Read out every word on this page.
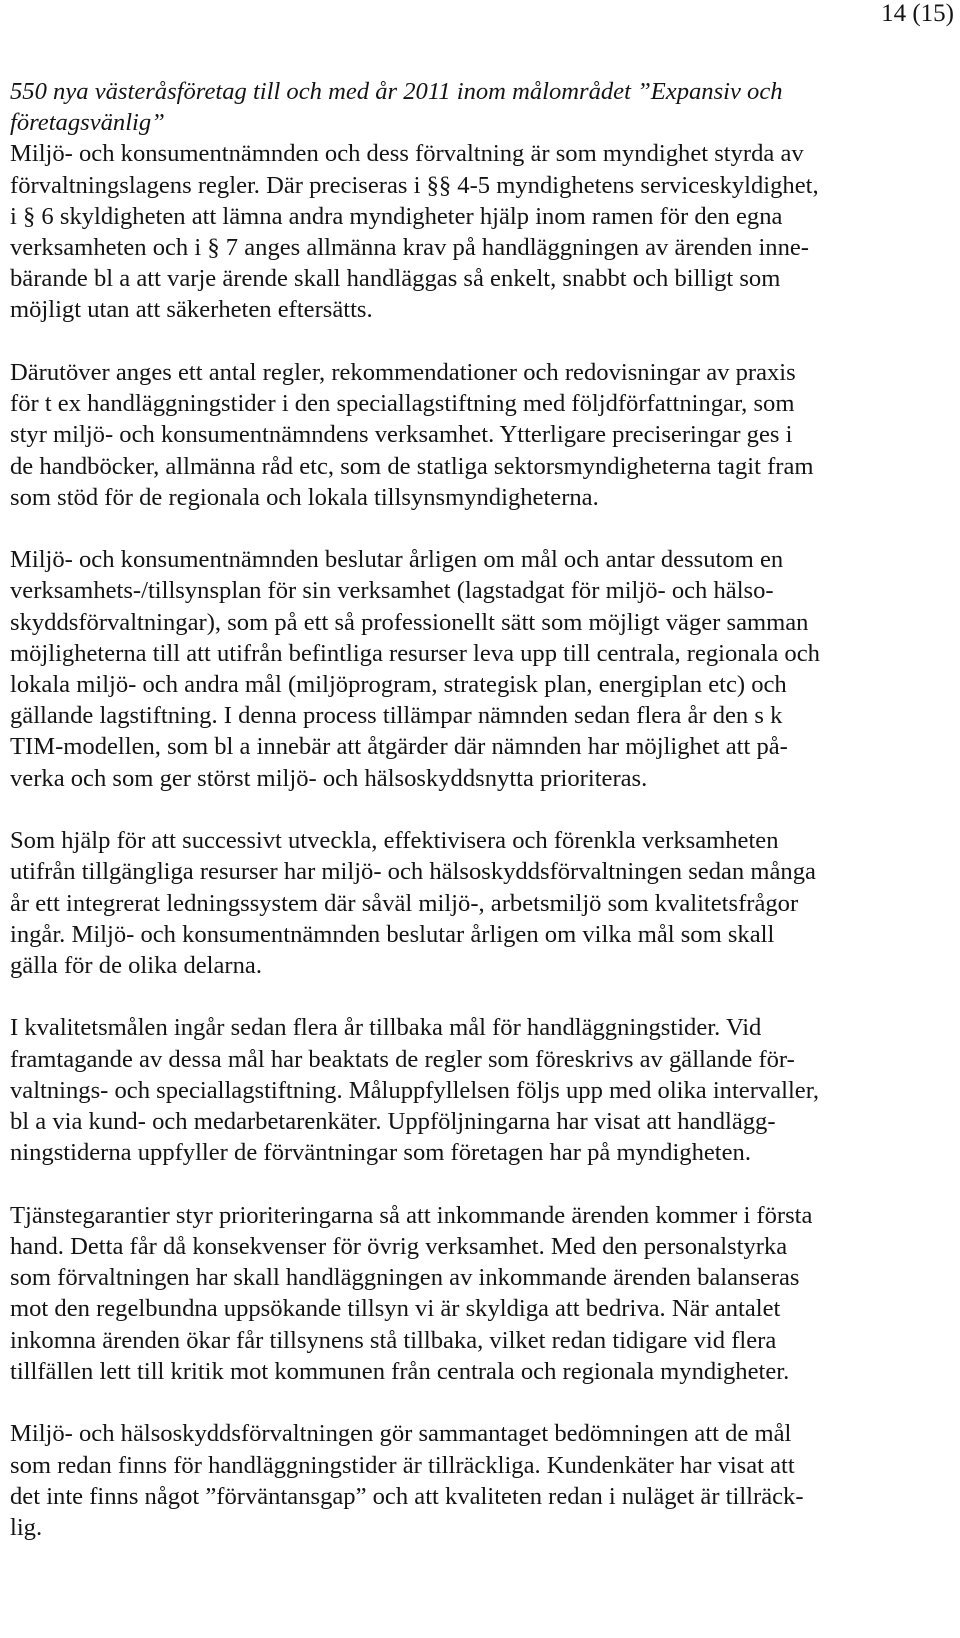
14 (15)
550 nya västeråsföretag till och med år 2011 inom målområdet ”Expansiv och
företagsvänlig”
Miljö- och konsumentnämnden och dess förvaltning är som myndighet styrda av
förvaltningslagens regler. Där preciseras i §§ 4-5 myndighetens serviceskyldighet,
i § 6 skyldigheten att lämna andra myndigheter hjälp inom ramen för den egna
verksamheten och i § 7 anges allmänna krav på handläggningen av ärenden inne-
bärande bl a att varje ärende skall handläggas så enkelt, snabbt och billigt som
möjligt utan att säkerheten eftersätts.
Därutöver anges ett antal regler, rekommendationer och redovisningar av praxis
för t ex handläggningstider i den speciallagstiftning med följdförfattningar, som
styr miljö- och konsumentnämndens verksamhet. Ytterligare preciseringar ges i
de handböcker, allmänna råd etc, som de statliga sektorsmyndigheterna tagit fram
som stöd för de regionala och lokala tillsynsmyndigheterna.
Miljö- och konsumentnämnden beslutar årligen om mål och antar dessutom en
verksamhets-/tillsynsplan för sin verksamhet (lagstadgat för miljö- och hälso-
skyddsförvaltningar), som på ett så professionellt sätt som möjligt väger samman
möjligheterna till att utifrån befintliga resurser leva upp till centrala, regionala och
lokala miljö- och andra mål (miljöprogram, strategisk plan, energiplan etc) och
gällande lagstiftning. I denna process tillämpar nämnden sedan flera år den s k
TIM-modellen, som bl a innebär att åtgärder där nämnden har möjlighet att på-
verka och som ger störst miljö- och hälsoskyddsnytta prioriteras.
Som hjälp för att successivt utveckla, effektivisera och förenkla verksamheten
utifrån tillgängliga resurser har miljö- och hälsoskyddsförvaltningen sedan många
år ett integrerat ledningssystem där såväl miljö-, arbetsmiljö som kvalitetsfrågor
ingår. Miljö- och konsumentnämnden beslutar årligen om vilka mål som skall
gälla för de olika delarna.
I kvalitetsmålen ingår sedan flera år tillbaka mål för handläggningstider. Vid
framtagande av dessa mål har beaktats de regler som föreskrivs av gällande för-
valtnings- och speciallagstiftning. Måluppfyllelsen följs upp med olika intervaller,
bl a via kund- och medarbetarenkäter. Uppföljningarna har visat att handlägg-
ningstiderna uppfyller de förväntningar som företagen har på myndigheten.
Tjänstegarantier styr prioriteringarna så att inkommande ärenden kommer i första
hand. Detta får då konsekvenser för övrig verksamhet. Med den personalstyrka
som förvaltningen har skall handläggningen av inkommande ärenden balanseras
mot den regelbundna uppsökande tillsyn vi är skyldiga att bedriva. När antalet
inkomna ärenden ökar får tillsynens stå tillbaka, vilket redan tidigare vid flera
tillfällen lett till kritik mot kommunen från centrala och regionala myndigheter.
Miljö- och hälsoskyddsförvaltningen gör sammantaget bedömningen att de mål
som redan finns för handläggningstider är tillräckliga. Kundenkäter har visat att
det inte finns något ”förväntansgap” och att kvaliteten redan i nuläget är tillräck-
lig.
